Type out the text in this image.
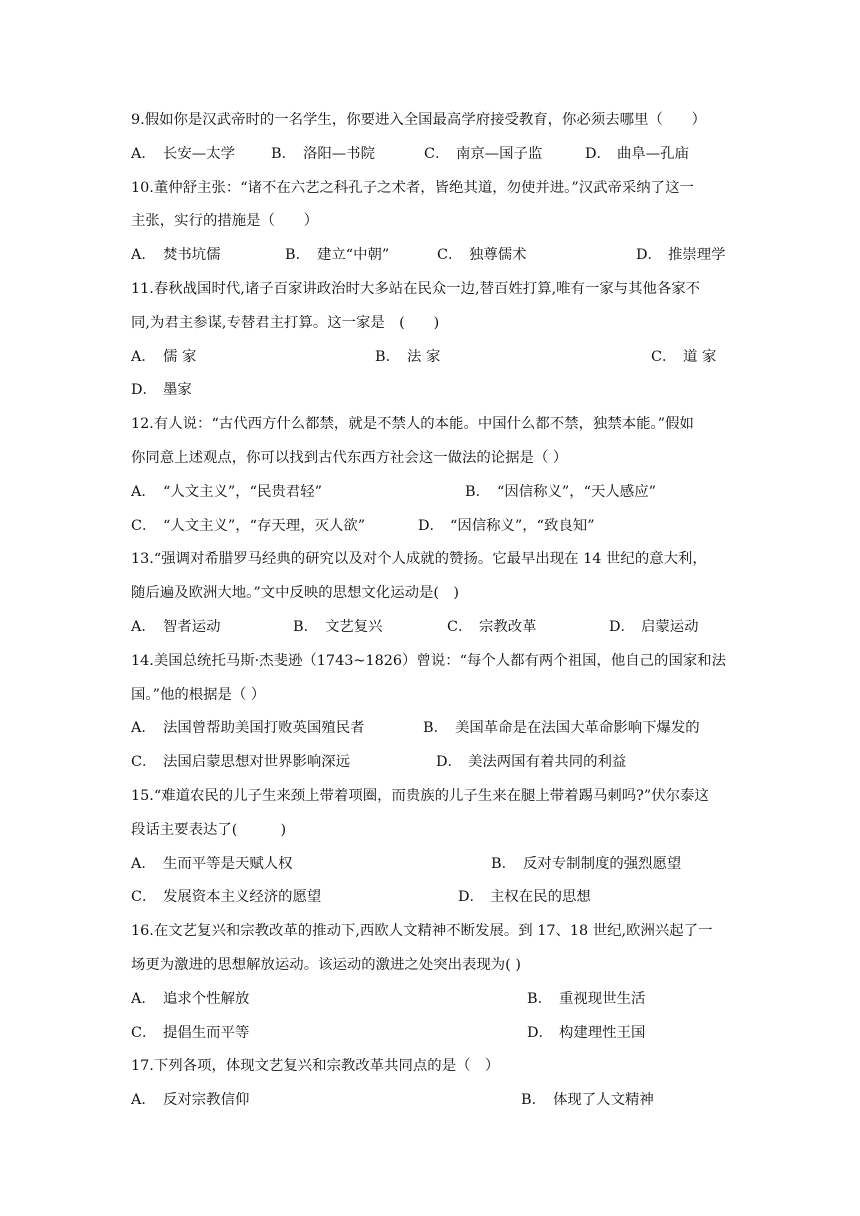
9.假如你是汉武帝时的一名学生，你要进入全国最高学府接受教育，你必须去哪里（　　）
A． 长安—太学	B． 洛阳—书院	C． 南京—国子监	D． 曲阜—孔庙
10.董仲舒主张：“诸不在六艺之科孔子之术者，皆绝其道，勿使并进。”汉武帝采纳了这一
主张，实行的措施是（　　）
A． 焚书坑儒	B． 建立“中朝”	C． 独尊儒术	D． 推崇理学
11.春秋战国时代,诸子百家讲政治时大多站在民众一边,替百姓打算,唯有一家与其他各家不
同,为君主参谋,专替君主打算。这一家是　(　　)
A． 儒 家	B． 法 家	C． 道 家
D． 墨家
12.有人说：“古代西方什么都禁，就是不禁人的本能。中国什么都不禁，独禁本能。”假如
你同意上述观点，你可以找到古代东西方社会这一做法的论据是（ ）
A． “人文主义”，“民贵君轻”	B． “因信称义”，“天人感应”
C． “人文主义”，“存天理，灭人欲”	D． “因信称义”，“致良知”
13.“强调对希腊罗马经典的研究以及对个人成就的赞扬。它最早出现在 14 世纪的意大利，
随后遍及欧洲大地。”文中反映的思想文化运动是(　)
A． 智者运动	B． 文艺复兴	C． 宗教改革	D． 启蒙运动
14.美国总统托马斯·杰斐逊（1743~1826）曾说：“每个人都有两个祖国，他自己的国家和法
国。”他的根据是（ ）
A． 法国曾帮助美国打败英国殖民者	B． 美国革命是在法国大革命影响下爆发的
C． 法国启蒙思想对世界影响深远	D． 美法两国有着共同的利益
15.“难道农民的儿子生来颈上带着项圈，而贵族的儿子生来在腿上带着踢马刺吗?”伏尔泰这
段话主要表达了(　　　)
A． 生而平等是天赋人权	B． 反对专制制度的强烈愿望
C． 发展资本主义经济的愿望	D． 主权在民的思想
16.在文艺复兴和宗教改革的推动下,西欧人文精神不断发展。到 17、18 世纪,欧洲兴起了一
场更为激进的思想解放运动。该运动的激进之处突出表现为( )
A． 追求个性解放	B． 重视现世生活
C． 提倡生而平等	D． 构建理性王国
17.下列各项，体现文艺复兴和宗教改革共同点的是（　）
A． 反对宗教信仰	B． 体现了人文精神
